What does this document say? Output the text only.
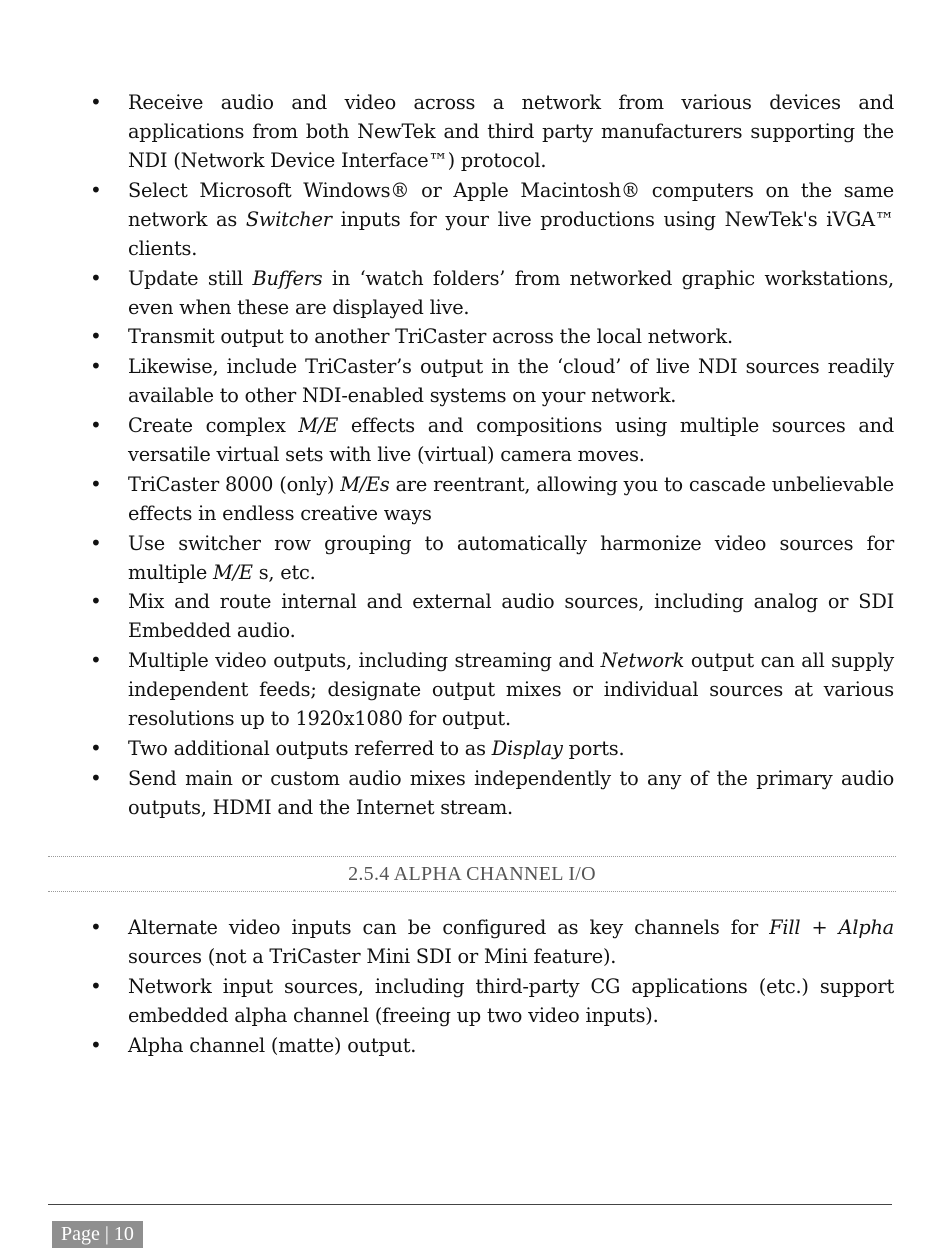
• Receive audio and video across a network from various devices and applications from both NewTek and third party manufacturers supporting the NDI (Network Device Interface™) protocol.
• Select Microsoft Windows® or Apple Macintosh® computers on the same network as Switcher inputs for your live productions using NewTek's iVGA™ clients.
• Update still Buffers in ‘watch folders’ from networked graphic workstations, even when these are displayed live.
• Transmit output to another TriCaster across the local network.
• Likewise, include TriCaster’s output in the ‘cloud’ of live NDI sources readily available to other NDI-enabled systems on your network.
• Create complex M/E effects and compositions using multiple sources and versatile virtual sets with live (virtual) camera moves.
• TriCaster 8000 (only) M/Es are reentrant, allowing you to cascade unbelievable effects in endless creative ways
• Use switcher row grouping to automatically harmonize video sources for multiple M/E s, etc.
• Mix and route internal and external audio sources, including analog or SDI Embedded audio.
• Multiple video outputs, including streaming and Network output can all supply independent feeds; designate output mixes or individual sources at various resolutions up to 1920x1080 for output.
• Two additional outputs referred to as Display ports.
• Send main or custom audio mixes independently to any of the primary audio outputs, HDMI and the Internet stream.
2.5.4 ALPHA CHANNEL I/O
• Alternate video inputs can be configured as key channels for Fill + Alpha sources (not a TriCaster Mini SDI or Mini feature).
• Network input sources, including third-party CG applications (etc.) support embedded alpha channel (freeing up two video inputs).
• Alpha channel (matte) output.
Page | 10
